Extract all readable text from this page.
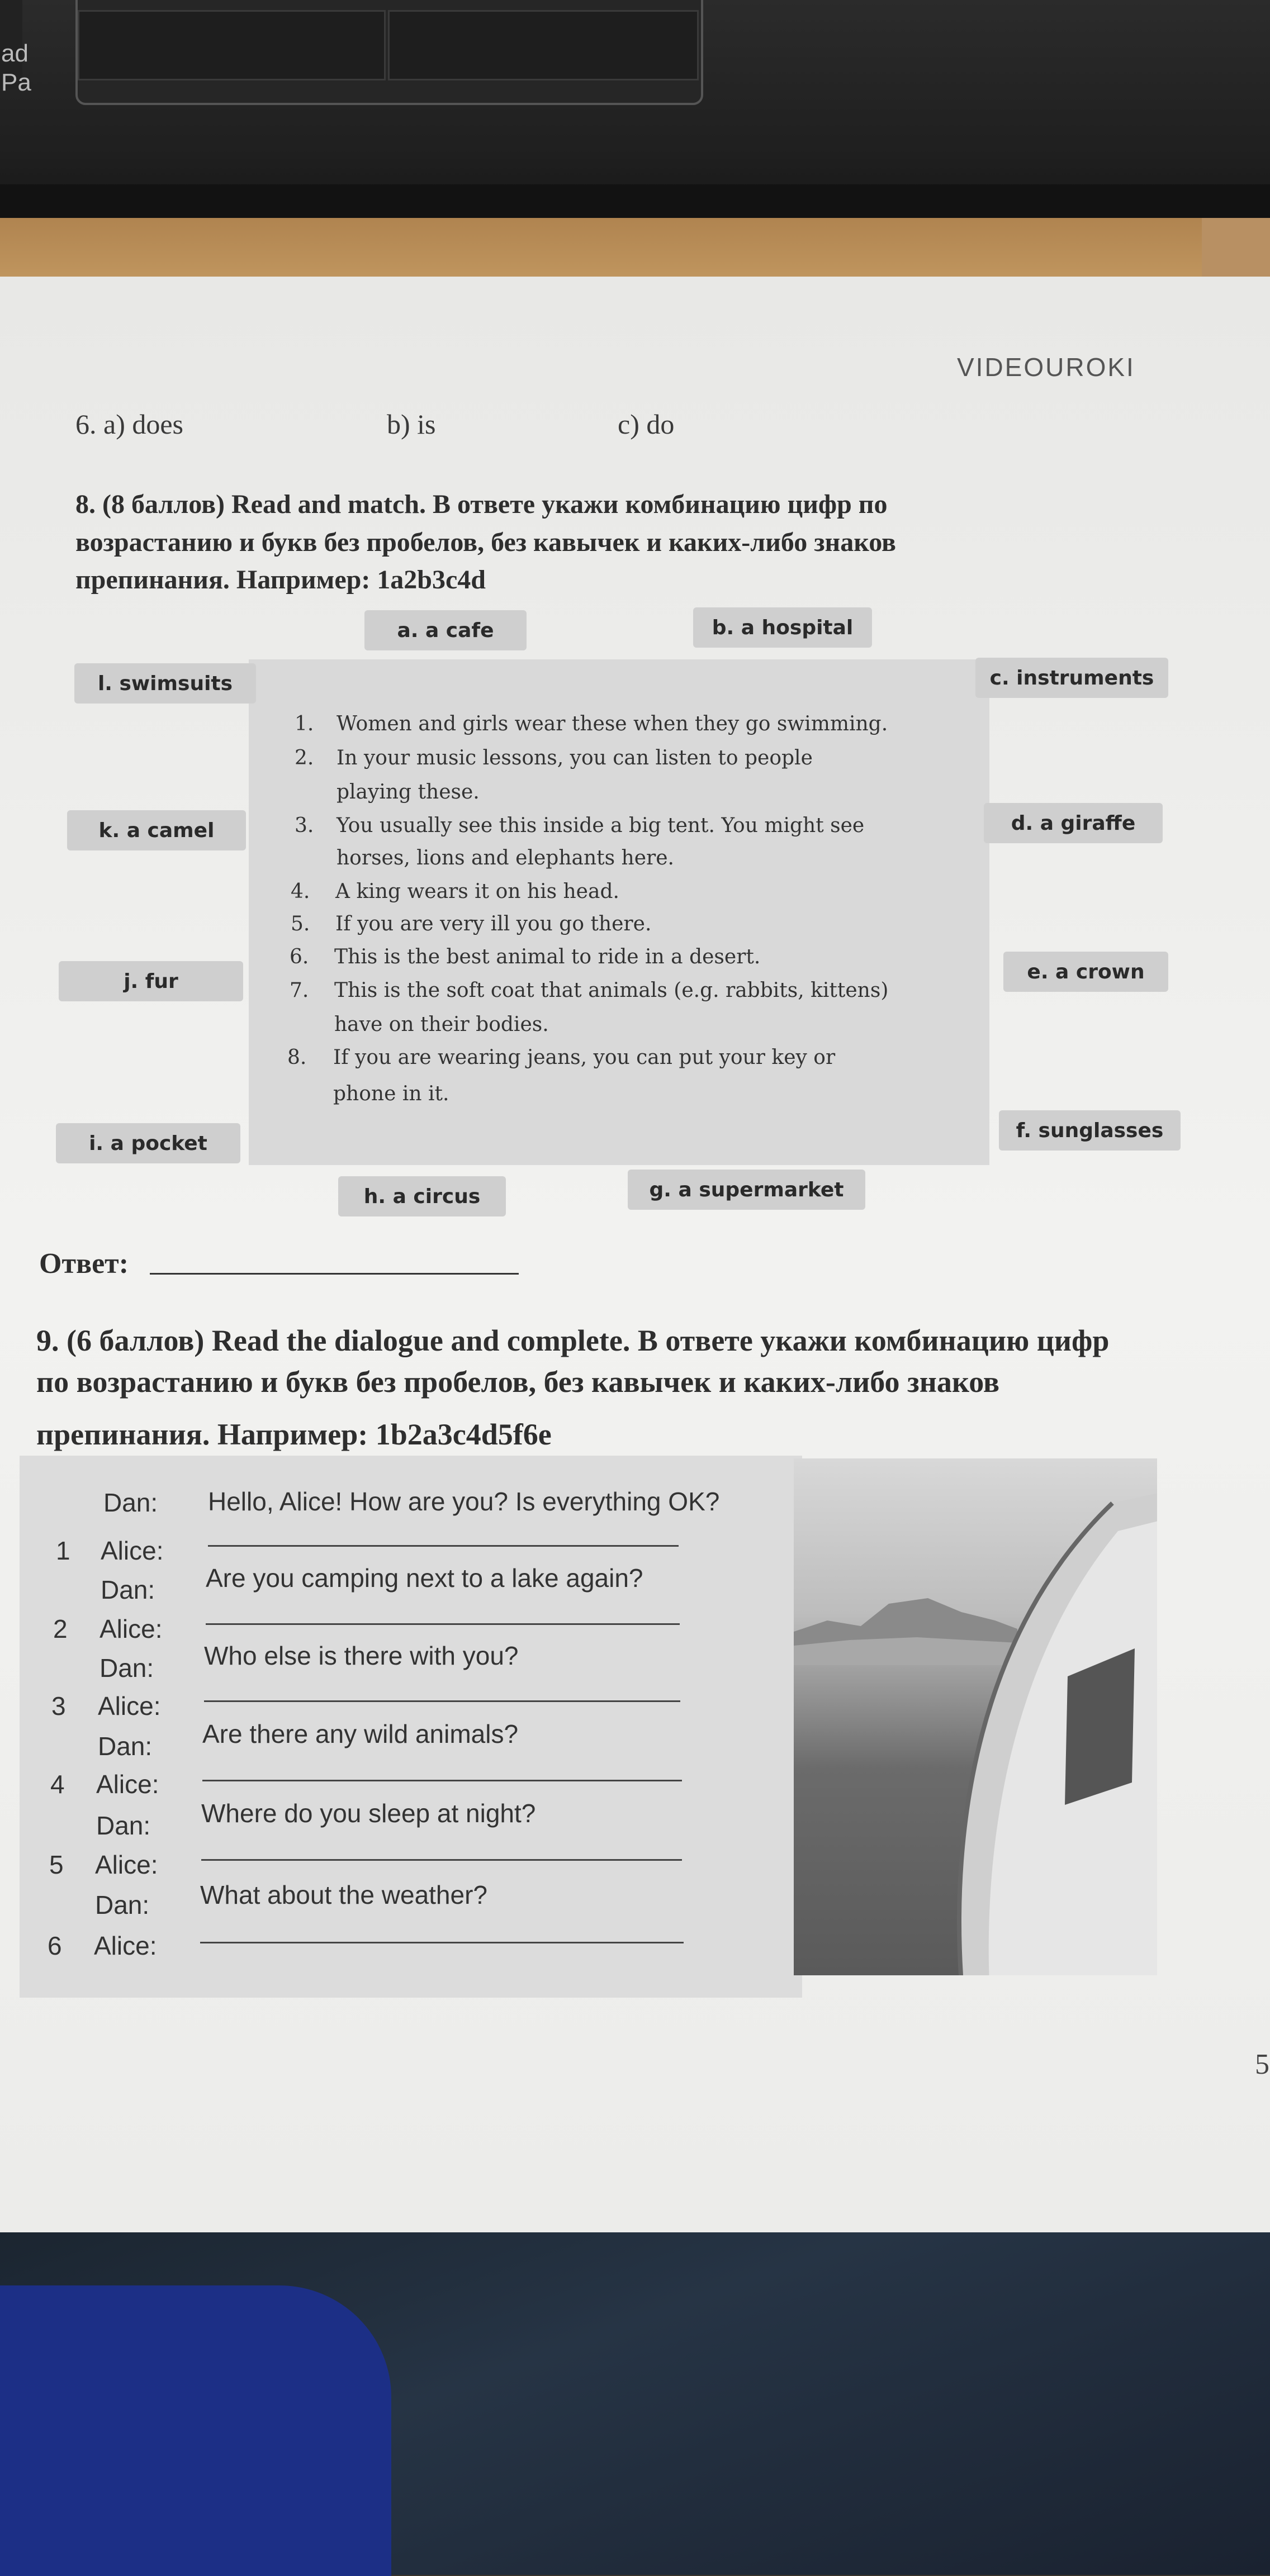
ad
Pa
VIDEOUROKI
6. a) does	b) is	c) do
8. (8 баллов) Read and match. В ответе укажи комбинацию цифр по
возрастанию и букв без пробелов, без кавычек и каких-либо знаков
препинания. Например: 1a2b3c4d
a. a cafe	b. a hospital
c. instruments
d. a giraffe
e. a crown
f. sunglasses
g. a supermarket
h. a circus
i. a pocket
j. fur
k. a camel
l. swimsuits
1. Women and girls wear these when they go swimming.
2. In your music lessons, you can listen to people
playing these.
3. You usually see this inside a big tent. You might see
horses, lions and elephants here.
4. A king wears it on his head.
5. If you are very ill you go there.
6. This is the best animal to ride in a desert.
7. This is the soft coat that animals (e.g. rabbits, kittens)
have on their bodies.
8. If you are wearing jeans, you can put your key or
phone in it.
Ответ:
9. (6 баллов) Read the dialogue and complete. В ответе укажи комбинацию цифр
по возрастанию и букв без пробелов, без кавычек и каких-либо знаков
препинания. Например: 1b2a3c4d5f6e
Dan: Hello, Alice! How are you? Is everything OK?
1 Alice:
Dan: Are you camping next to a lake again?
2 Alice:
Dan: Who else is there with you?
3 Alice:
Dan: Are there any wild animals?
4 Alice:
Dan: Where do you sleep at night?
5 Alice:
Dan: What about the weather?
6 Alice:
5
